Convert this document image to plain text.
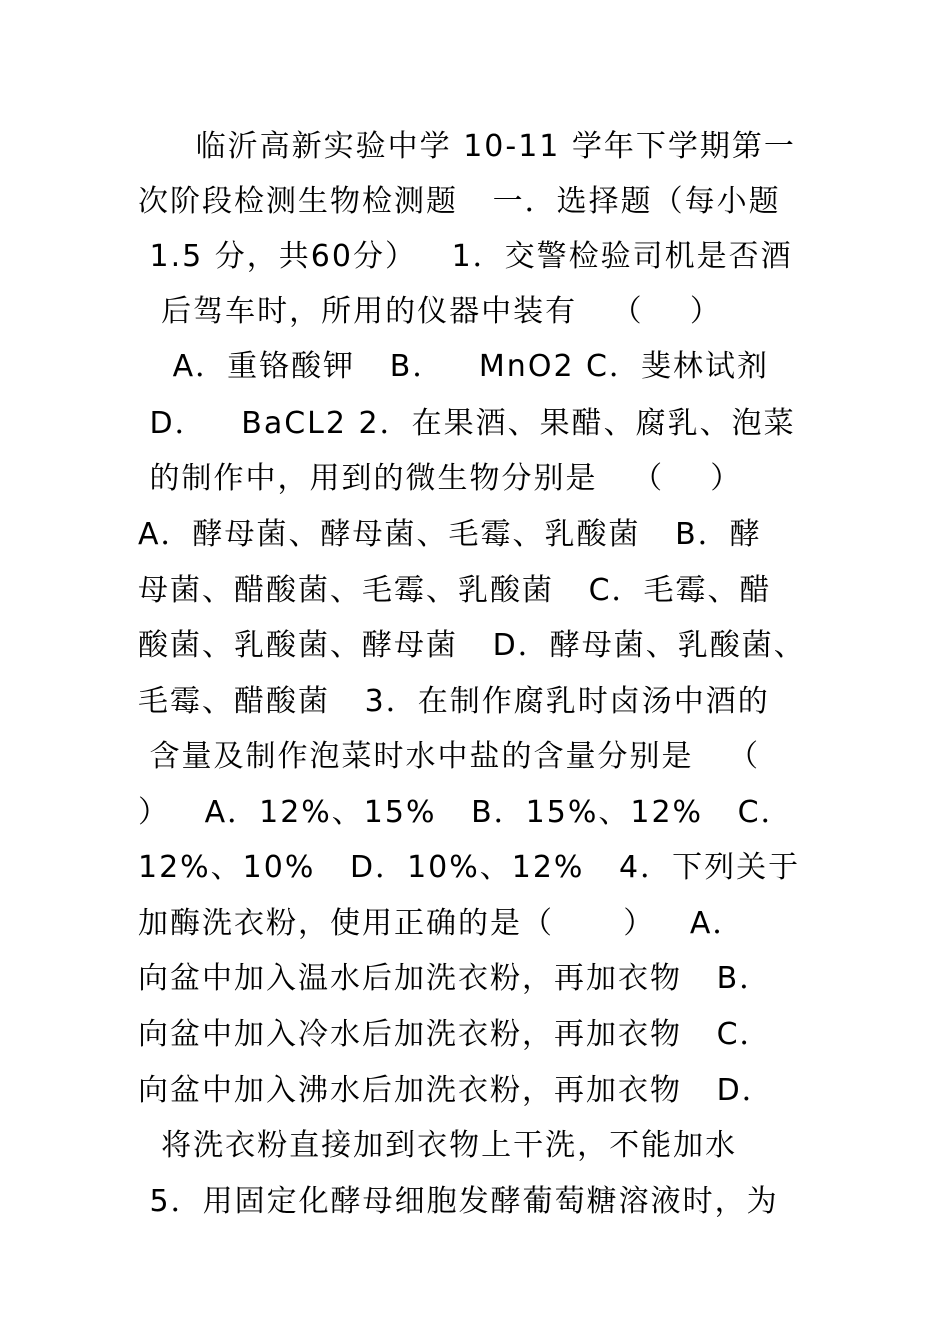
临沂高新实验中学 10-11 学年下学期第一
次阶段检测生物检测题   一．选择题（每小题
1.5 分，共60分）   1．交警检验司机是否酒
后驾车时，所用的仪器中装有   （    ）
A．重铬酸钾   B．   MnO2 C．斐林试剂
D．   BaCL2 2．在果酒、果醋、腐乳、泡菜
的制作中，用到的微生物分别是   （    ）
A．酵母菌、酵母菌、毛霉、乳酸菌   B．酵
母菌、醋酸菌、毛霉、乳酸菌   C．毛霉、醋
酸菌、乳酸菌、酵母菌   D．酵母菌、乳酸菌、
毛霉、醋酸菌   3．在制作腐乳时卤汤中酒的
含量及制作泡菜时水中盐的含量分别是   （
）   A．12%、15%   B．15%、12%   C．
12%、10%   D．10%、12%   4．下列关于
加酶洗衣粉，使用正确的是（      ）   A．
向盆中加入温水后加洗衣粉，再加衣物   B．
向盆中加入冷水后加洗衣粉，再加衣物   C．
向盆中加入沸水后加洗衣粉，再加衣物   D．
将洗衣粉直接加到衣物上干洗，不能加水
5．用固定化酵母细胞发酵葡萄糖溶液时，为
